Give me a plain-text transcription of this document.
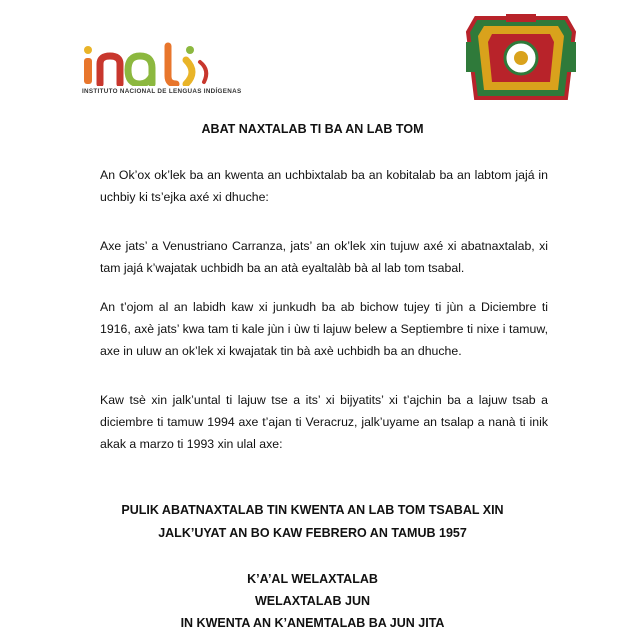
INSTITUTO NACIONAL DE LENGUAS INDÍGENAS
ABAT NAXTALAB TI BA AN LAB TOM

An Ok’ox ok’lek ba an kwenta an uchbixtalab ba an kobitalab ba an labtom jajá in uchbiy ki ts’ejka axé xi dhuche:

Axe jats’ a Venustriano Carranza, jats’ an ok’lek xin tujuw axé xi abatnaxtalab, xi tam jajá k’wajatak uchbidh ba an atà eyaltalàb bà al lab tom tsabal.

An t’ojom al an labidh kaw xi junkudh ba ab bichow tujey ti jùn a Diciembre ti 1916, axè jats’ kwa tam ti kale jùn i ùw ti lajuw belew a Septiembre ti nixe i tamuw, axe in uluw an ok’lek xi kwajatak tin bà axè uchbidh ba an dhuche.

Kaw tsè xin jalk’untal ti lajuw tse a its’ xi bijyatits’ xi t’ajchin ba a lajuw tsab a diciembre ti tamuw 1994 axe t’ajan ti Veracruz, jalk’uyame an tsalap a nanà ti inik akak a marzo ti 1993 xin ulal axe:

PULIK ABATNAXTALAB TIN KWENTA AN LAB TOM TSABAL XIN
JALK’UYAT AN BO KAW FEBRERO AN TAMUB 1957
K’A’AL WELAXTALAB
WELAXTALAB JUN
IN KWENTA AN K’ANEMTALAB BA JUN JITA
